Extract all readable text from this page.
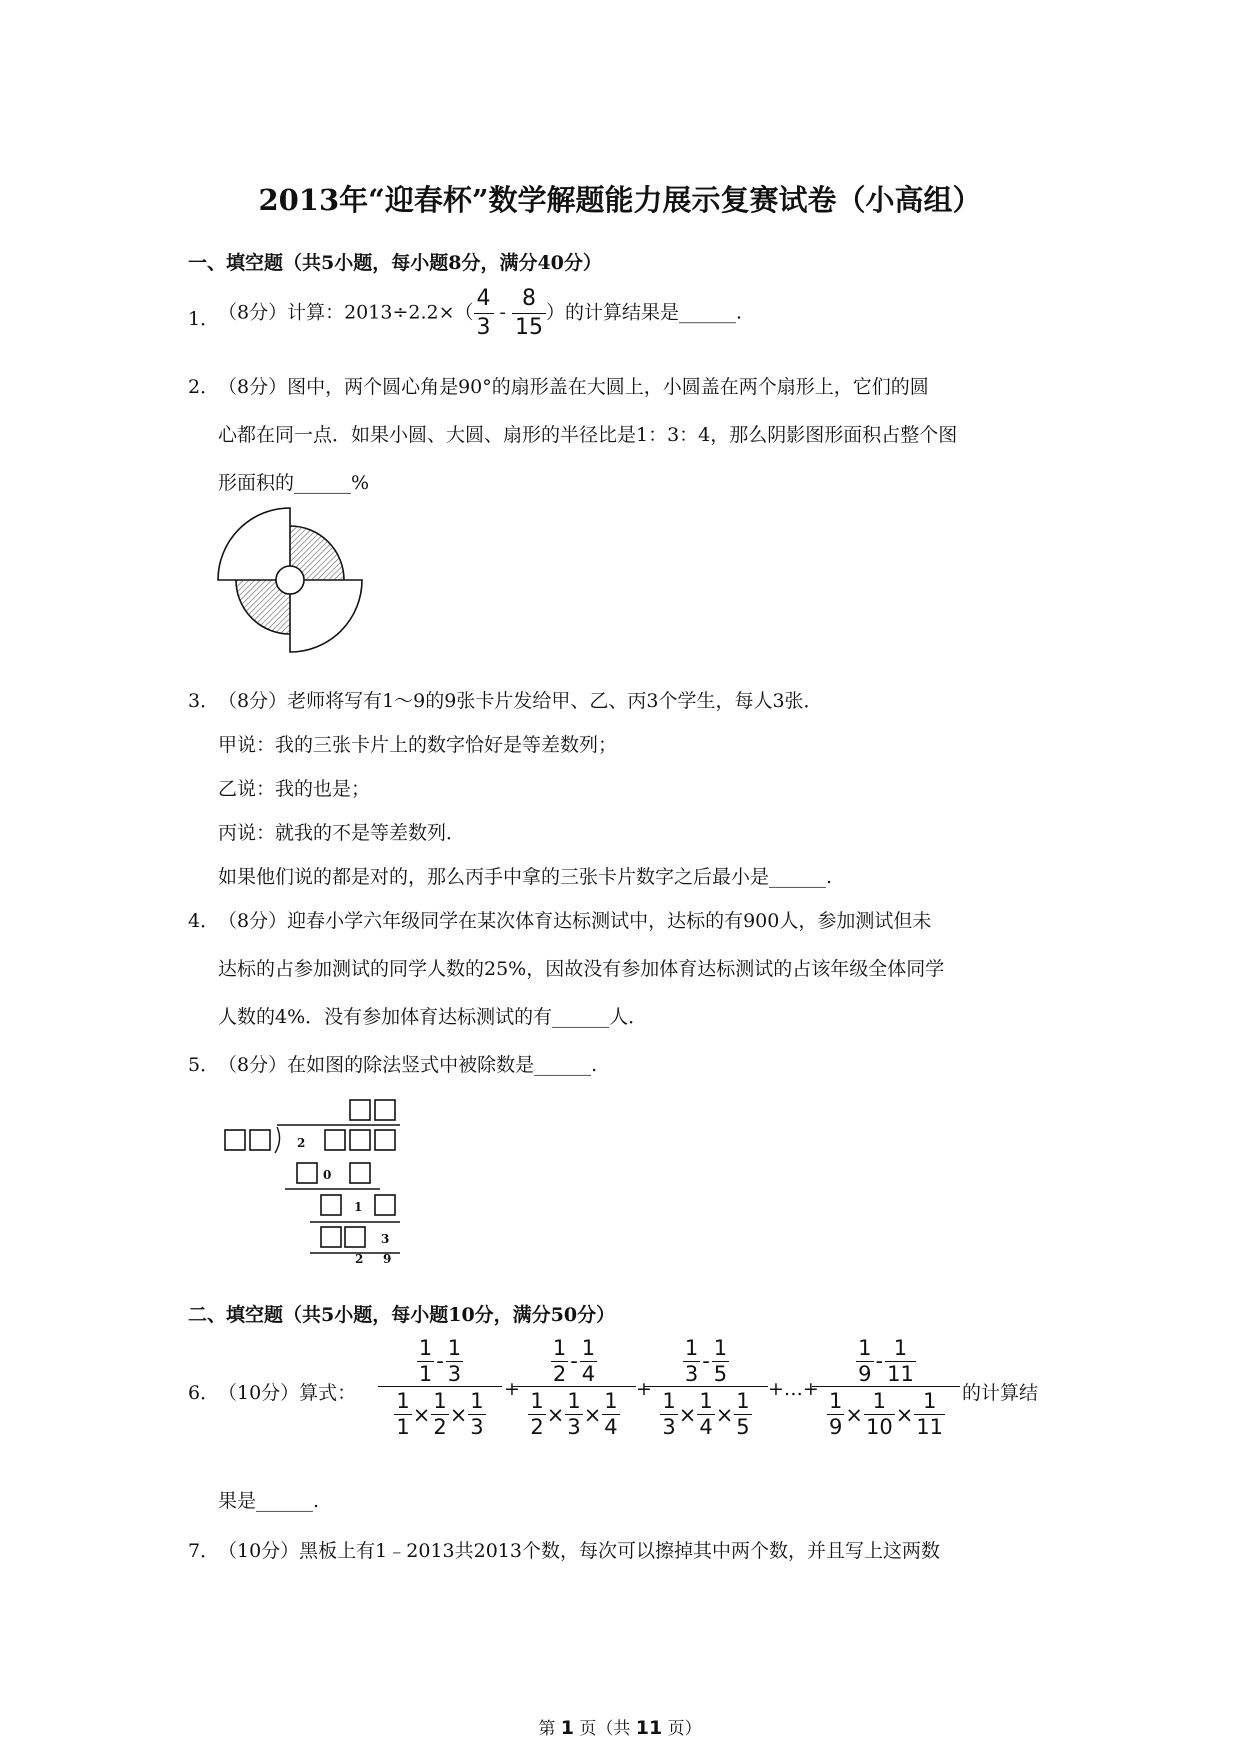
2013年“迎春杯”数学解题能力展示复赛试卷（小高组）
一、填空题（共5小题，每小题8分，满分40分）
1．
（8分）计算：$2013\div 2.2\times( \frac{4}{3} - \frac{8}{15}$ ）的计算结果是______.
2．
（8分）图中，两个圆心角是90°的扇形盖在大圆上，小圆盖在两个扇形上，它们的圆
心都在同一点．如果小圆、大圆、扇形的半径比是1：3：4，那么阴影图形面积占整个图
形面积的______%
3．
（8分）老师将写有1～9的9张卡片发给甲、乙、丙3个学生，每人3张．
甲说：我的三张卡片上的数字恰好是等差数列；
乙说：我的也是；
丙说：就我的不是等差数列．
如果他们说的都是对的，那么丙手中拿的三张卡片数字之后最小是______.
4．
（8分）迎春小学六年级同学在某次体育达标测试中，达标的有900人，参加测试但未
达标的占参加测试的同学人数的25%，因故没有参加体育达标测试的占该年级全体同学
人数的4%．没有参加体育达标测试的有______人．
5．
（8分）在如图的除法竖式中被除数是______.
2
0
1
3
2 9
二、填空题（共5小题，每小题10分，满分50分）
6．
（10分）算式：
$\frac{1}{1} - \frac{1}{3}$
$\frac{1}{1} \times \frac{1}{2} \times \frac{1}{3}$
$\frac{1}{2} - \frac{1}{4}$
$\frac{1}{2} \times \frac{1}{3} \times \frac{1}{4}$
$\frac{1}{3} - \frac{1}{5}$
$\frac{1}{3} \times \frac{1}{4} \times \frac{1}{5}$
$\frac{1}{9} - \frac{1}{11}$
$\frac{1}{9} \times \frac{1}{10} \times \frac{1}{11}$
+	+	+…+	的计算结
果是______.
7．
（10分）黑板上有1﹣2013共2013个数，每次可以擦掉其中两个数，并且写上这两数
第 1 页（共 11 页）
